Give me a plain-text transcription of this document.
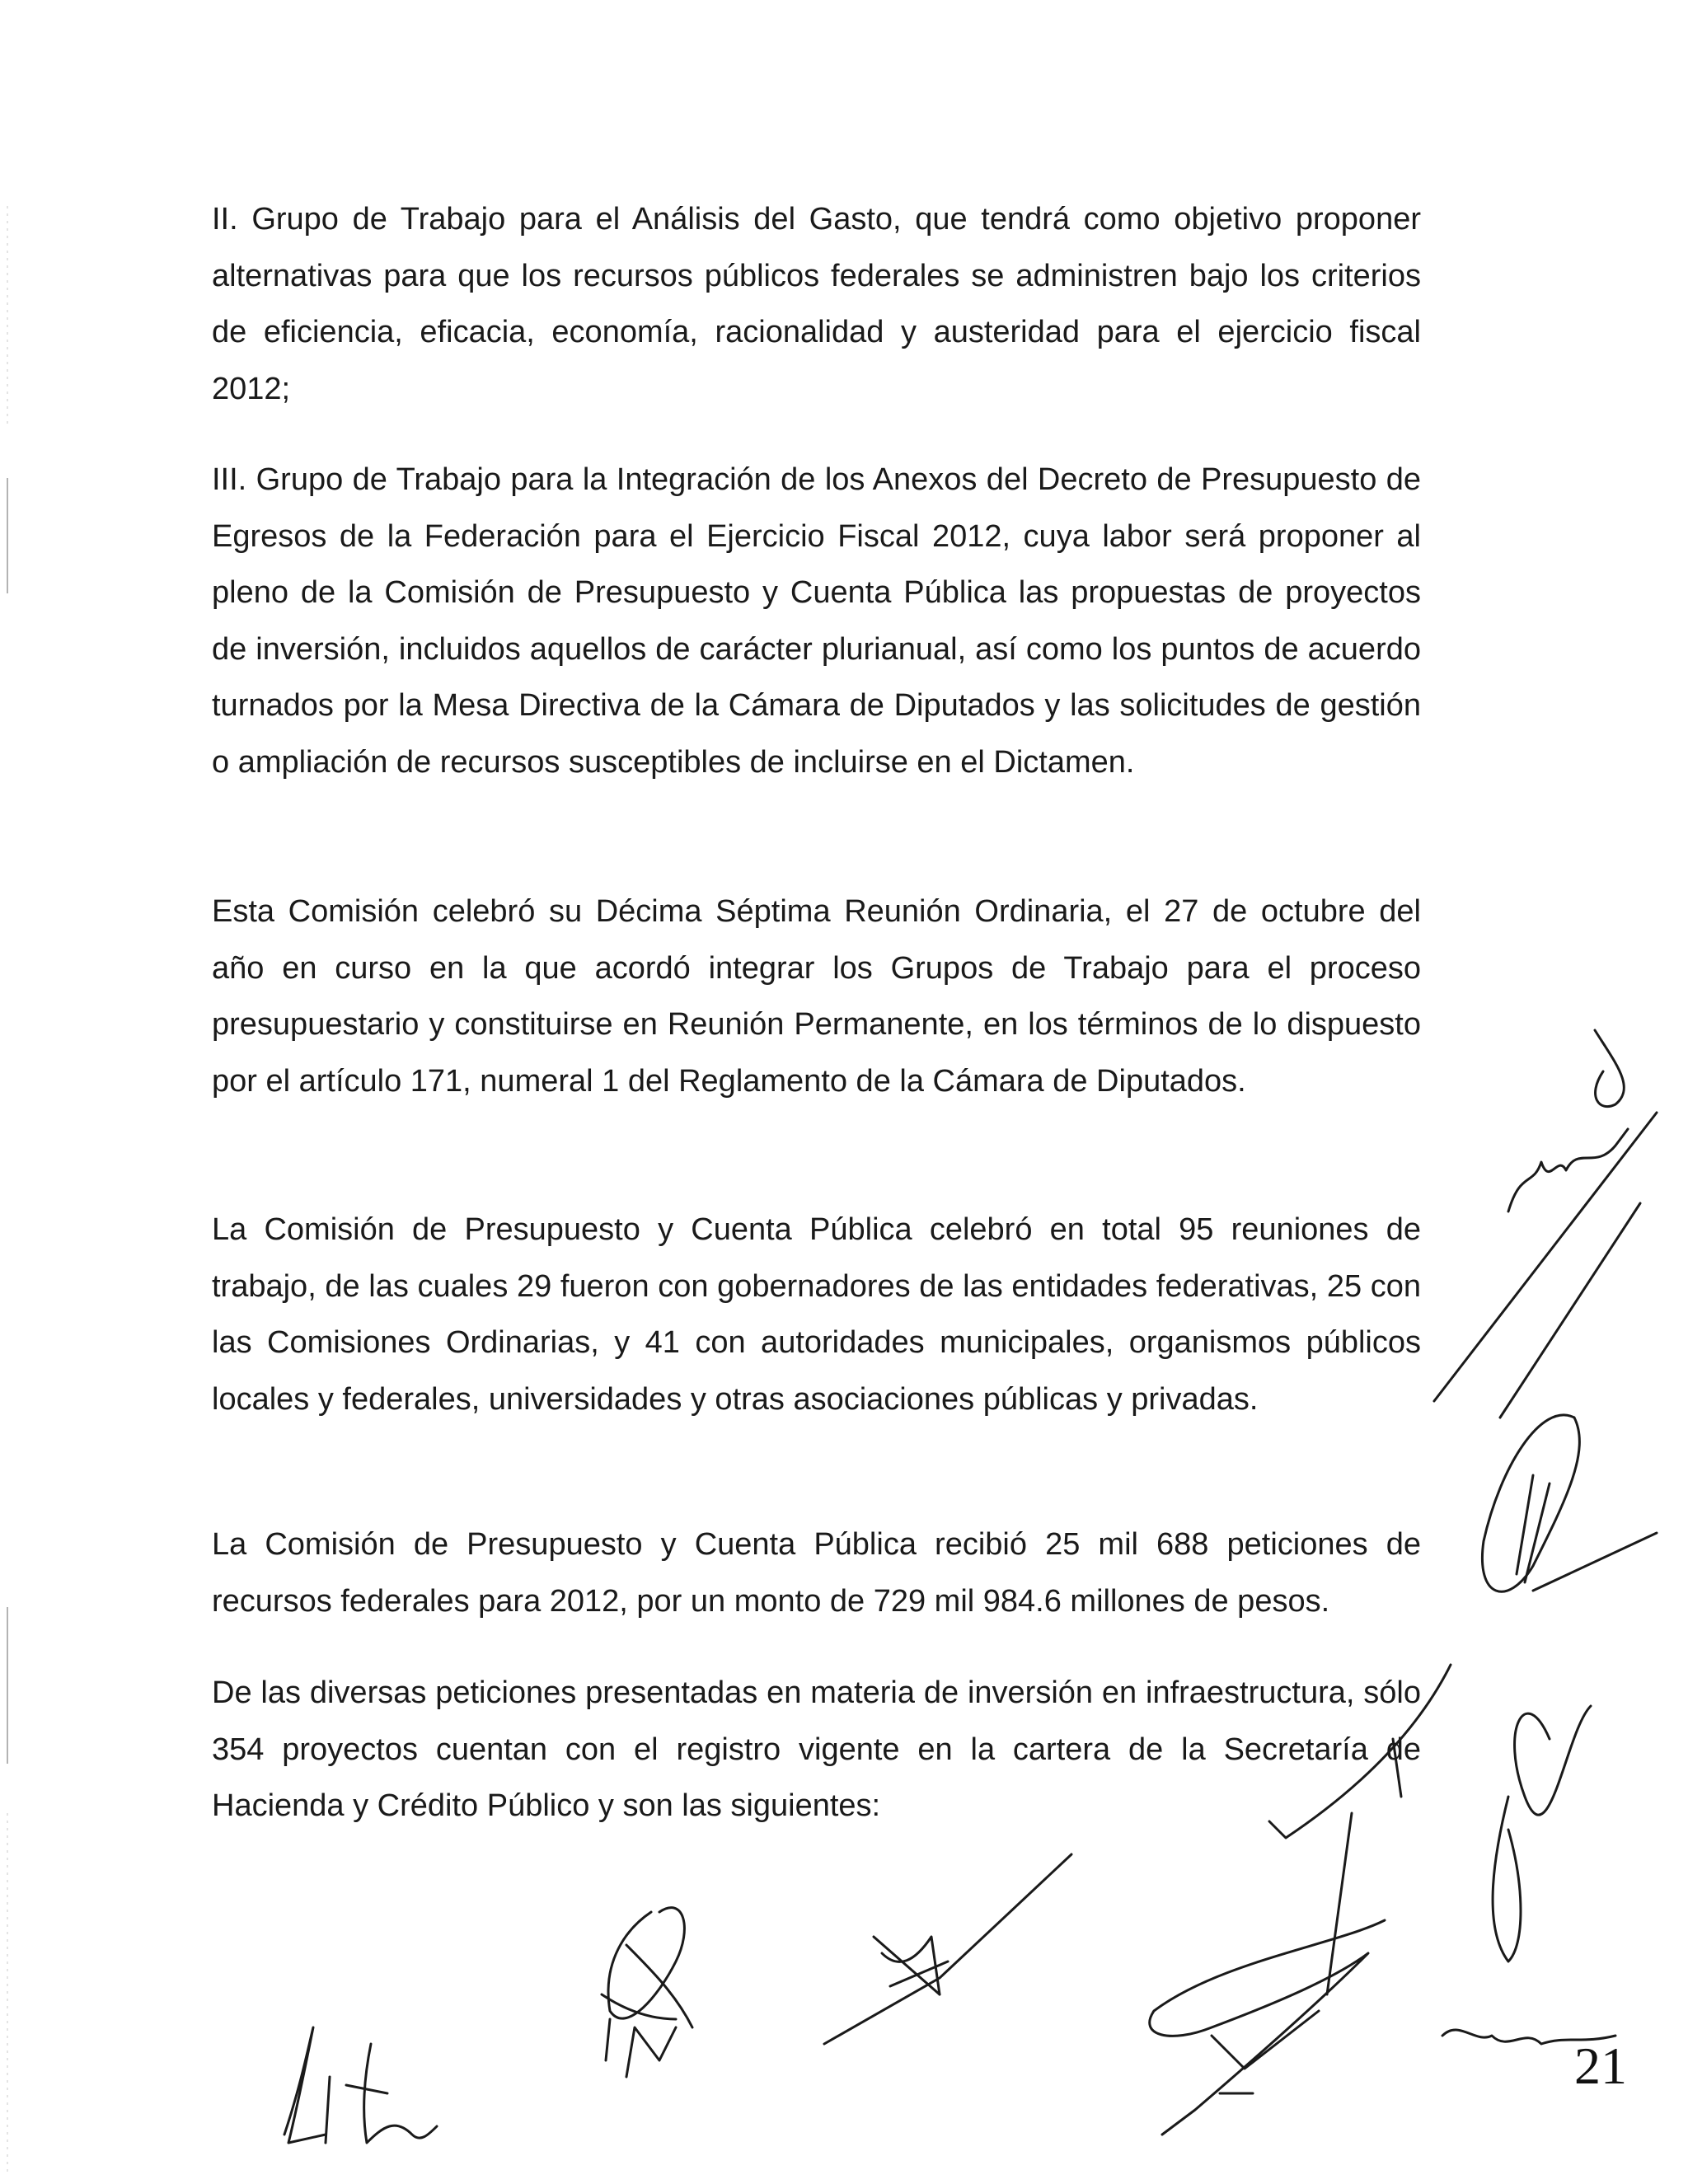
II. Grupo de Trabajo para el Análisis del Gasto, que tendrá como objetivo proponer alternativas para que los recursos públicos federales se administren bajo los criterios de eficiencia, eficacia, economía, racionalidad y austeridad para el ejercicio fiscal 2012;

III. Grupo de Trabajo para la Integración de los Anexos del Decreto de Presupuesto de Egresos de la Federación para el Ejercicio Fiscal 2012, cuya labor será proponer al pleno de la Comisión de Presupuesto y Cuenta Pública las propuestas de proyectos de inversión, incluidos aquellos de carácter plurianual, así como los puntos de acuerdo turnados por la Mesa Directiva de la Cámara de Diputados y las solicitudes de gestión o ampliación de recursos susceptibles de incluirse en el Dictamen.

Esta Comisión celebró su Décima Séptima Reunión Ordinaria, el 27 de octubre del año en curso en la que acordó integrar los Grupos de Trabajo para el proceso presupuestario y constituirse en Reunión Permanente, en los términos de lo dispuesto por el artículo 171, numeral 1 del Reglamento de la Cámara de Diputados.

La Comisión de Presupuesto y Cuenta Pública celebró en total 95 reuniones de trabajo, de las cuales 29 fueron con gobernadores de las entidades federativas, 25 con las Comisiones Ordinarias, y 41 con autoridades municipales, organismos públicos locales y federales, universidades y otras asociaciones públicas y privadas.

La Comisión de Presupuesto y Cuenta Pública recibió 25 mil 688 peticiones de recursos federales para 2012, por un monto de 729 mil 984.6 millones de pesos.

De las diversas peticiones presentadas en materia de inversión en infraestructura, sólo 354 proyectos cuentan con el registro vigente en la cartera de la Secretaría de Hacienda y Crédito Público y son las siguientes:

21
